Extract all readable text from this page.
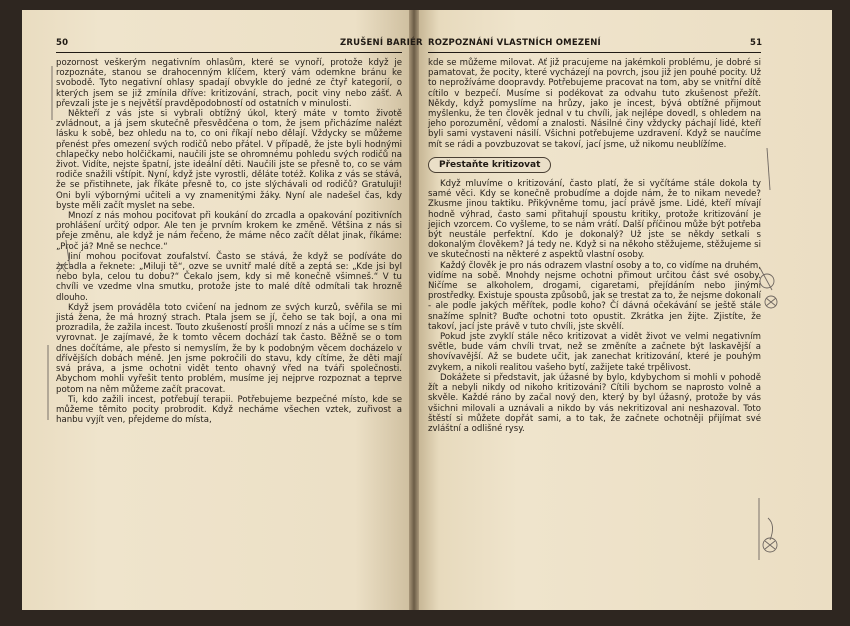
50	ZRUŠENÍ BARIÉR ROZPOZNÁNÍ VLASTNÍCH OMEZENÍ	51

pozornost veškerým negativním ohlasům, které se vynoří, protože když je rozpoznáte, stanou se drahocenným klíčem, který vám odemkne bránu ke svobodě. Tyto negativní ohlasy spadají obvykle do jedné ze čtyř kategorií, o kterých jsem se již zmínila dříve: kritizování, strach, pocit viny nebo zášť. A převzali jste je s největší pravděpodobností od ostatních v minulosti.

Někteří z vás jste si vybrali obtížný úkol, který máte v tomto životě zvládnout, a já jsem skutečně přesvědčena o tom, že jsem přicházíme nalézt lásku k sobě, bez ohledu na to, co oni říkají nebo dělají. Vždycky se můžeme přenést přes omezení svých rodičů nebo přátel. V případě, že jste byli hodnými chlapečky nebo holčičkami, naučili jste se ohromnému pohledu svých rodičů na život. Vidíte, nejste špatní, jste ideální děti. Naučili jste se přesně to, co se vám rodiče snažili vštípit. Nyní, když jste vyrostli, děláte totéž. Kolika z vás se stává, že se přistihnete, jak říkáte přesně to, co jste slýchávali od rodičů? Gratuluji! Oni byli výbornými učiteli a vy znamenitými žáky. Nyní ale nadešel čas, kdy byste měli začít myslet na sebe.

Mnozí z nás mohou pociťovat při koukání do zrcadla a opakování pozitivních prohlášení určitý odpor. Ale ten je prvním krokem ke změně. Většina z nás si přeje změnu, ale když je nám řečeno, že máme něco začít dělat jinak, říkáme: „Proč já? Mně se nechce.“

Jiní mohou pociťovat zoufalství. Často se stává, že když se podíváte do zrcadla a řeknete: „Miluji tě“, ozve se uvnitř malé dítě a zeptá se: „Kde jsi byl nebo byla, celou tu dobu?“ Čekalo jsem, kdy si mě konečně všimneš.“ V tu chvíli ve vzedme vlna smutku, protože jste to malé dítě odmítali tak hrozně dlouho.

Když jsem prováděla toto cvičení na jednom ze svých kurzů, svěřila se mi jistá žena, že má hrozný strach. Ptala jsem se jí, čeho se tak bojí, a ona mi prozradila, že zažila incest. Touto zkušeností prošli mnozí z nás a učíme se s tím vyrovnat. Je zajímavé, že k tomto věcem dochází tak často. Běžně se o tom dnes dočítáme, ale přesto si nemyslím, že by k podobným věcem docházelo v dřívějších dobách méně. Jen jsme pokročili do stavu, kdy cítíme, že děti mají svá práva, a jsme ochotni vidět tento ohavný vřed na tváři společnosti. Abychom mohli vyřešit tento problém, musíme jej nejprve rozpoznat a teprve potom na něm můžeme začít pracovat.

Ti, kdo zažili incest, potřebují terapii. Potřebujeme bezpečné místo, kde se můžeme těmito pocity probrodit. Když necháme všechen vztek, zuřivost a hanbu vyjít ven, přejdeme do místa,

kde se můžeme milovat. Ať již pracujeme na jakémkoli problému, je dobré si pamatovat, že pocity, které vycházejí na povrch, jsou již jen pouhé pocity. Už to neprožíváme doopravdy. Potřebujeme pracovat na tom, aby se vnitřní dítě cítilo v bezpečí. Musíme si podékovat za odvahu tuto zkušenost přežít. Někdy, když pomyslíme na hrůzy, jako je incest, bývá obtížné přijmout myšlenku, že ten člověk jednal v tu chvíli, jak nejlépe dovedl, s ohledem na jeho porozumění, vědomí a znalosti. Násilné činy vždycky páchají lidé, kteří byli sami vystaveni násilí. Všichni potřebujeme uzdravení. Když se naučíme mít se rádi a povzbuzovat se takoví, jací jsme, už nikomu neublížíme.

Přestaňte kritizovat

Když mluvíme o kritizování, často platí, že si vyčítáme stále dokola ty samé věci. Kdy se konečně probudíme a dojde nám, že to nikam nevede? Zkusme jinou taktiku. Přikývněme tomu, jací právě jsme. Lidé, kteří mívají hodně výhrad, často sami přitahují spoustu kritiky, protože kritizování je jejich vzorcem. Co vyšleme, to se nám vrátí. Další příčinou může být potřeba být neustále perfektní. Kdo je dokonalý? Už jste se někdy setkali s dokonalým člověkem? Já tedy ne. Když si na někoho stěžujeme, stěžujeme si ve skutečnosti na některé z aspektů vlastní osoby.

Každý člověk je pro nás odrazem vlastní osoby a to, co vidíme na druhém, vidíme na sobě. Mnohdy nejsme ochotni přimout určitou část své osoby. Ničíme se alkoholem, drogami, cigaretami, přejídáním nebo jinými prostředky. Existuje spousta způsobů, jak se trestat za to, že nejsme dokonalí - ale podle jakých měřítek, podle koho? Čí dávná očekávání se ještě stále snažíme splnit? Buďte ochotni toto opustit. Zkrátka jen žijte. Zjistíte, že takoví, jací jste právě v tuto chvíli, jste skvělí.

Pokud jste zvyklí stále něco kritizovat a vidět život ve velmi negativním světle, bude vám chvíli trvat, než se změníte a začnete být laskavější a shovívavější. Až se budete učit, jak zanechat kritizování, které je pouhým zvykem, a nikoli realitou vašeho bytí, zažijete také trpělivost.

Dokážete si představit, jak úžasné by bylo, kdybychom si mohli v pohodě žít a nebyli nikdy od nikoho kritizováni? Cítili bychom se naprosto volně a skvěle. Každé ráno by začal nový den, který by byl úžasný, protože by vás všichni milovali a uznávali a nikdo by vás nekritizoval ani neshazoval. Toto štěstí si můžete dopřát sami, a to tak, že začnete ochotněji přijímat své zvláštní a odlišné rysy.
